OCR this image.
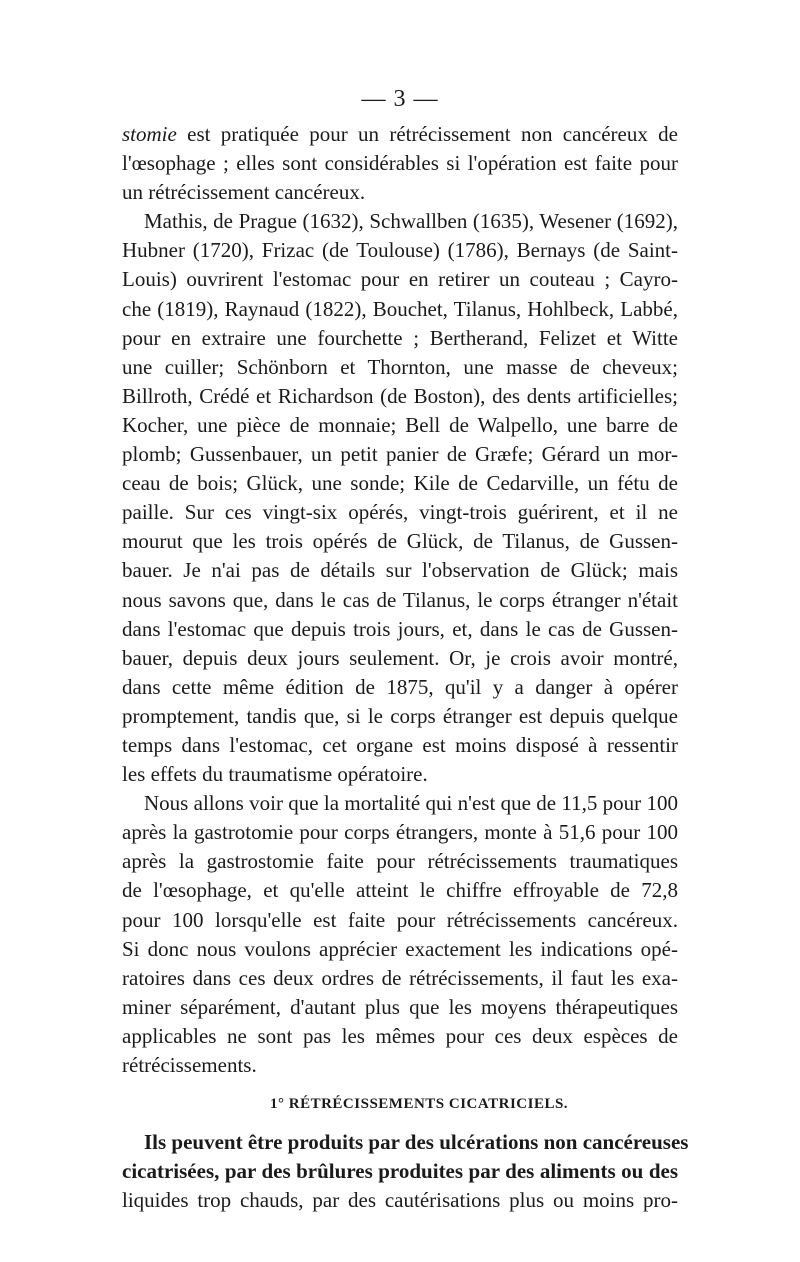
— 3 —
stomie est pratiquée pour un rétrécissement non cancéreux de
l'œsophage ; elles sont considérables si l'opération est faite pour
un rétrécissement cancéreux.
Mathis, de Prague (1632), Schwallben (1635), Wesener (1692),
Hubner (1720), Frizac (de Toulouse) (1786), Bernays (de Saint-
Louis) ouvrirent l'estomac pour en retirer un couteau ; Cayro-
che (1819), Raynaud (1822), Bouchet, Tilanus, Hohlbeck, Labbé,
pour en extraire une fourchette ; Bertherand, Felizet et Witte
une cuiller; Schönborn et Thornton, une masse de cheveux;
Billroth, Crédé et Richardson (de Boston), des dents artificielles;
Kocher, une pièce de monnaie; Bell de Walpello, une barre de
plomb; Gussenbauer, un petit panier de Græfe; Gérard un mor-
ceau de bois; Glück, une sonde; Kile de Cedarville, un fétu de
paille. Sur ces vingt-six opérés, vingt-trois guérirent, et il ne
mourut que les trois opérés de Glück, de Tilanus, de Gussen-
bauer. Je n'ai pas de détails sur l'observation de Glück; mais
nous savons que, dans le cas de Tilanus, le corps étranger n'était
dans l'estomac que depuis trois jours, et, dans le cas de Gussen-
bauer, depuis deux jours seulement. Or, je crois avoir montré,
dans cette même édition de 1875, qu'il y a danger à opérer
promptement, tandis que, si le corps étranger est depuis quelque
temps dans l'estomac, cet organe est moins disposé à ressentir
les effets du traumatisme opératoire.
Nous allons voir que la mortalité qui n'est que de 11,5 pour 100
après la gastrotomie pour corps étrangers, monte à 51,6 pour 100
après la gastrostomie faite pour rétrécissements traumatiques
de l'œsophage, et qu'elle atteint le chiffre effroyable de 72,8
pour 100 lorsqu'elle est faite pour rétrécissements cancéreux.
Si donc nous voulons apprécier exactement les indications opé-
ratoires dans ces deux ordres de rétrécissements, il faut les exa-
miner séparément, d'autant plus que les moyens thérapeutiques
applicables ne sont pas les mêmes pour ces deux espèces de
rétrécissements.
1° RÉTRÉCISSEMENTS CICATRICIELS.
Ils peuvent être produits par des ulcérations non cancéreuses
cicatrisées, par des brûlures produites par des aliments ou des
liquides trop chauds, par des cautérisations plus ou moins pro-
